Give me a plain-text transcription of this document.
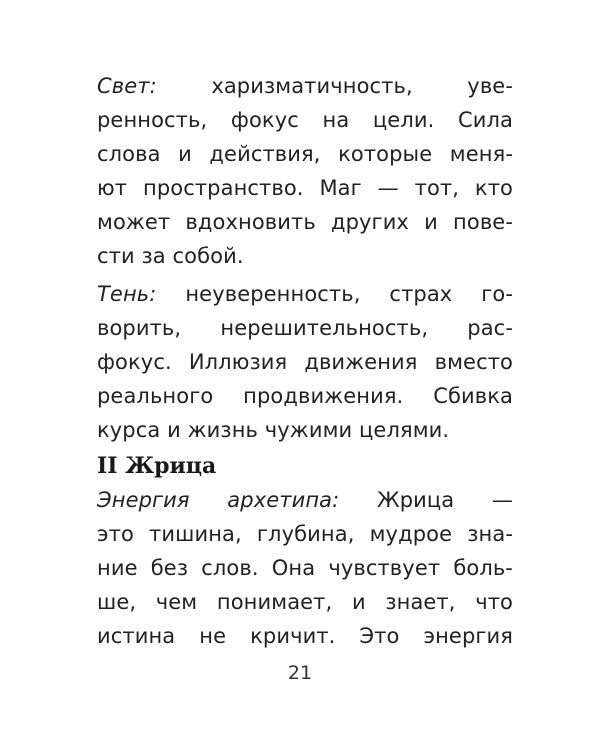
Свет: харизматичность, уве-
ренность, фокус на цели. Сила
слова и действия, которые меня-
ют пространство. Маг — тот, кто
может вдохновить других и пове-
сти за собой.
Тень: неуверенность, страх го-
ворить, нерешительность, рас-
фокус. Иллюзия движения вместо
реального продвижения. Сбивка
курса и жизнь чужими целями.
II Жрица
Энергия архетипа: Жрица —
это тишина, глубина, мудрое зна-
ние без слов. Она чувствует боль-
ше, чем понимает, и знает, что
истина не кричит. Это энергия
21
